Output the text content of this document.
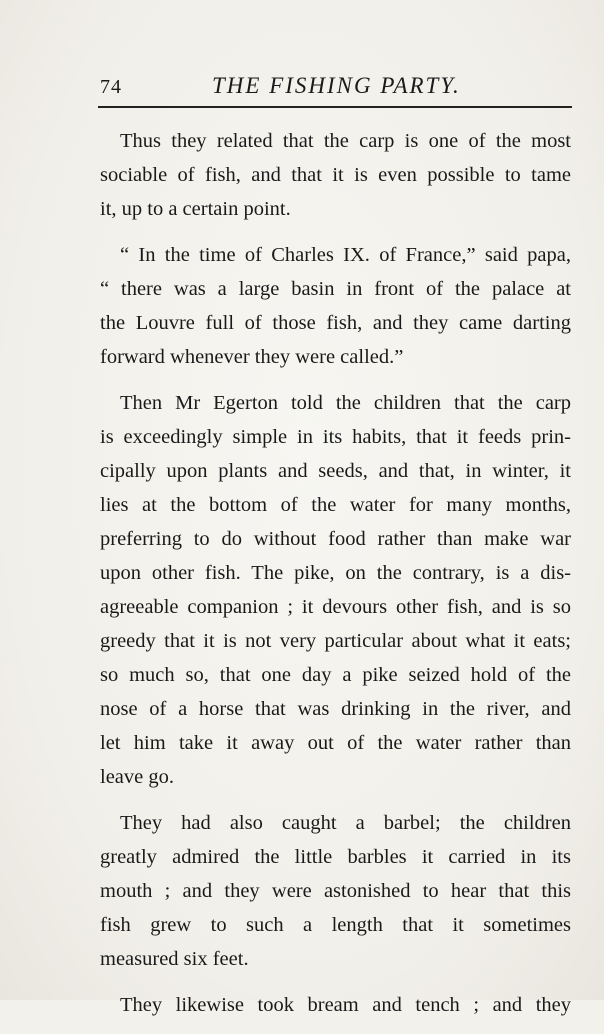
74	THE FISHING PARTY.
Thus they related that the carp is one of the most
sociable of fish, and that it is even possible to tame
it, up to a certain point.
“ In the time of Charles IX. of France,” said papa,
“ there was a large basin in front of the palace at
the Louvre full of those fish, and they came darting
forward whenever they were called.”
Then Mr Egerton told the children that the carp
is exceedingly simple in its habits, that it feeds prin-
cipally upon plants and seeds, and that, in winter, it
lies at the bottom of the water for many months,
preferring to do without food rather than make war
upon other fish. The pike, on the contrary, is a dis-
agreeable companion ; it devours other fish, and is so
greedy that it is not very particular about what it eats;
so much so, that one day a pike seized hold of the
nose of a horse that was drinking in the river, and
let him take it away out of the water rather than
leave go.
They had also caught a barbel; the children
greatly admired the little barbles it carried in its
mouth ; and they were astonished to hear that this
fish grew to such a length that it sometimes
measured six feet.
They likewise took bream and tench ; and they
